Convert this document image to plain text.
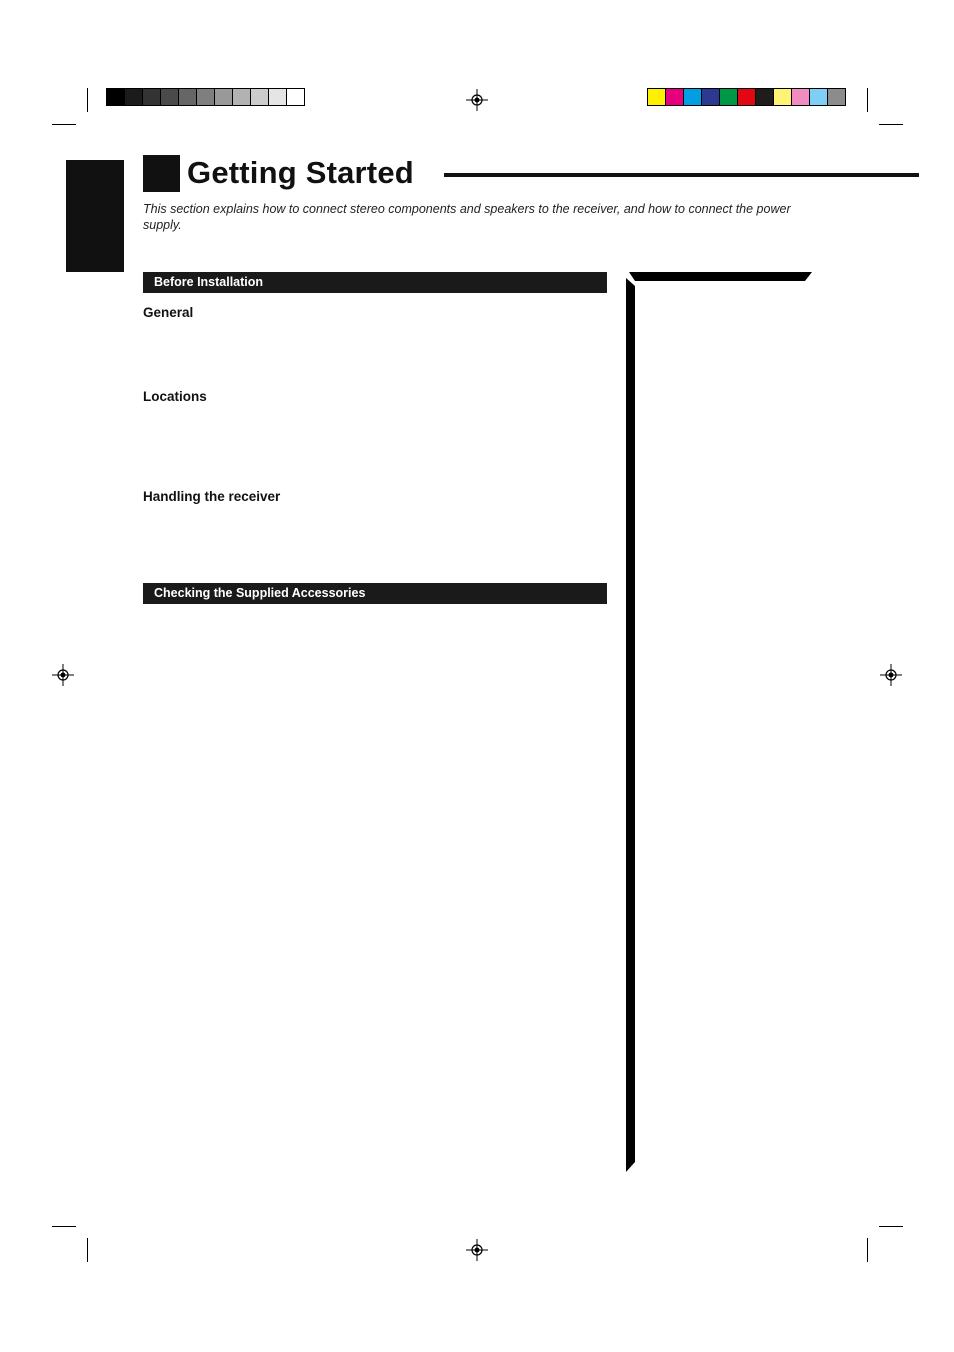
Getting Started
This section explains how to connect stereo components and speakers to the receiver, and how to connect the power supply.
Before Installation
General
Locations
Handling the receiver
Checking the Supplied Accessories
